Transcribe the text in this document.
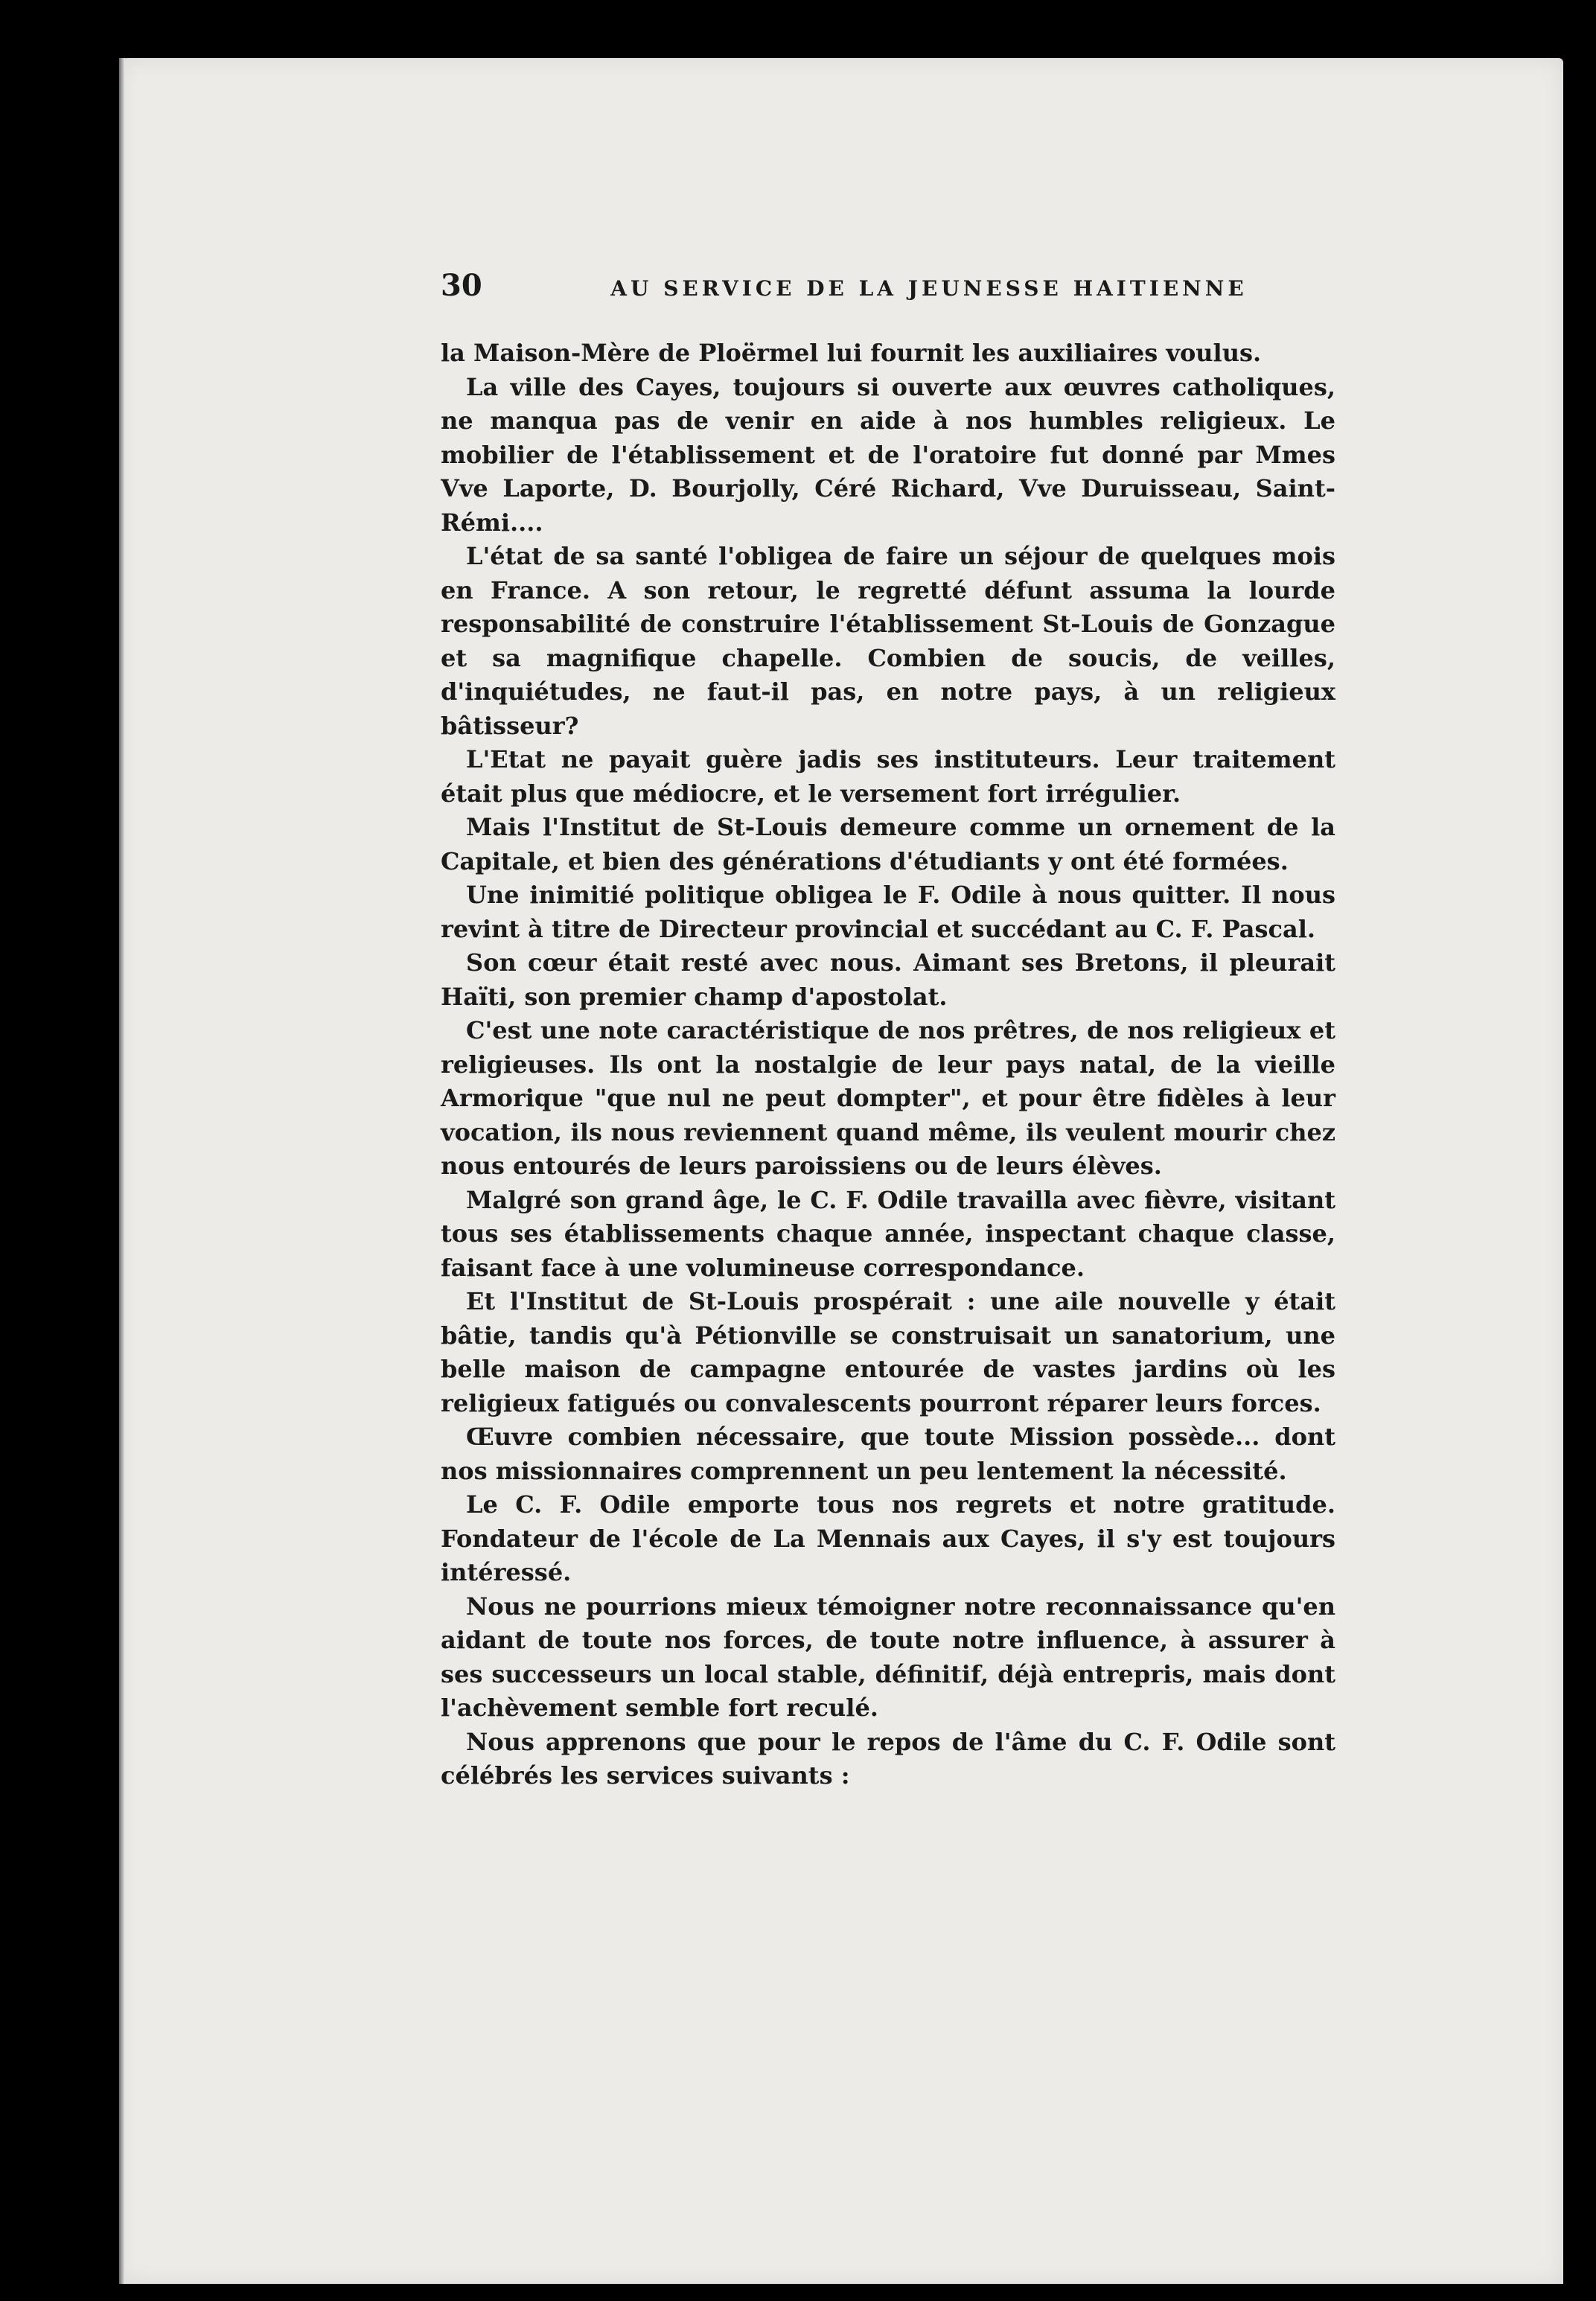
30	AU SERVICE DE LA JEUNESSE HAITIENNE

la Maison-Mère de Ploërmel lui fournit les auxiliaires voulus.

La ville des Cayes, toujours si ouverte aux œuvres catholiques, ne manqua pas de venir en aide à nos humbles religieux. Le mobilier de l'établissement et de l'oratoire fut donné par Mmes Vve Laporte, D. Bourjolly, Céré Richard, Vve Duruisseau, Saint-Rémi....

L'état de sa santé l'obligea de faire un séjour de quelques mois en France. A son retour, le regretté défunt assuma la lourde responsabilité de construire l'établissement St-Louis de Gonzague et sa magnifique chapelle. Combien de soucis, de veilles, d'inquiétudes, ne faut-il pas, en notre pays, à un religieux bâtisseur?

L'Etat ne payait guère jadis ses instituteurs. Leur traitement était plus que médiocre, et le versement fort irrégulier.

Mais l'Institut de St-Louis demeure comme un ornement de la Capitale, et bien des générations d'étudiants y ont été formées.

Une inimitié politique obligea le F. Odile à nous quitter. Il nous revint à titre de Directeur provincial et succédant au C. F. Pascal.

Son cœur était resté avec nous. Aimant ses Bretons, il pleurait Haïti, son premier champ d'apostolat.

C'est une note caractéristique de nos prêtres, de nos religieux et religieuses. Ils ont la nostalgie de leur pays natal, de la vieille Armorique "que nul ne peut dompter", et pour être fidèles à leur vocation, ils nous reviennent quand même, ils veulent mourir chez nous entourés de leurs paroissiens ou de leurs élèves.

Malgré son grand âge, le C. F. Odile travailla avec fièvre, visitant tous ses établissements chaque année, inspectant chaque classe, faisant face à une volumineuse correspondance.

Et l'Institut de St-Louis prospérait : une aile nouvelle y était bâtie, tandis qu'à Pétionville se construisait un sanatorium, une belle maison de campagne entourée de vastes jardins où les religieux fatigués ou convalescents pourront réparer leurs forces.

Œuvre combien nécessaire, que toute Mission possède... dont nos missionnaires comprennent un peu lentement la nécessité.

Le C. F. Odile emporte tous nos regrets et notre gratitude. Fondateur de l'école de La Mennais aux Cayes, il s'y est toujours intéressé.

Nous ne pourrions mieux témoigner notre reconnaissance qu'en aidant de toute nos forces, de toute notre influence, à assurer à ses successeurs un local stable, définitif, déjà entrepris, mais dont l'achèvement semble fort reculé.

Nous apprenons que pour le repos de l'âme du C. F. Odile sont célébrés les services suivants :
